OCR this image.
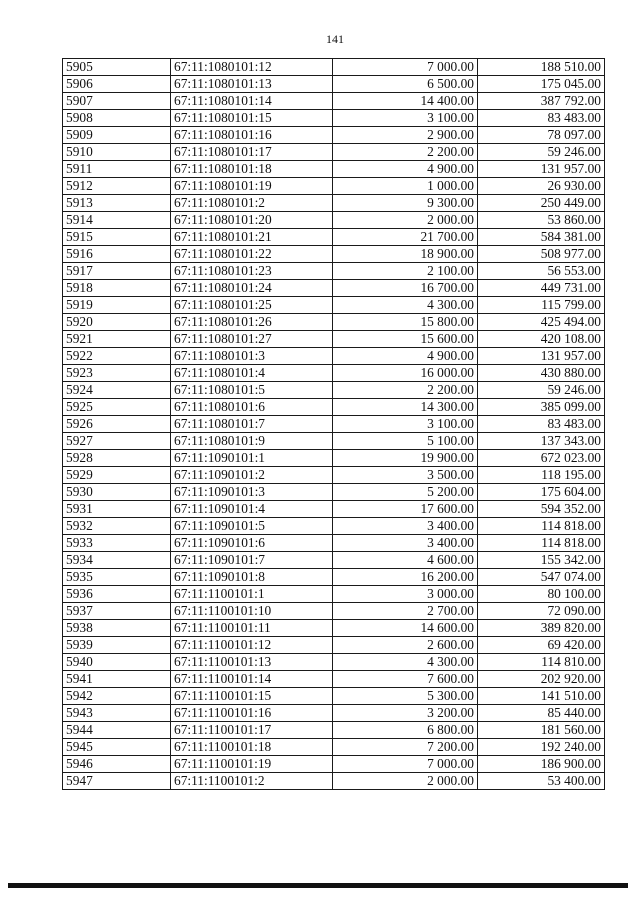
141
5905	67:11:1080101:12	7 000.00	188 510.00
5906	67:11:1080101:13	6 500.00	175 045.00
5907	67:11:1080101:14	14 400.00	387 792.00
5908	67:11:1080101:15	3 100.00	83 483.00
5909	67:11:1080101:16	2 900.00	78 097.00
5910	67:11:1080101:17	2 200.00	59 246.00
5911	67:11:1080101:18	4 900.00	131 957.00
5912	67:11:1080101:19	1 000.00	26 930.00
5913	67:11:1080101:2	9 300.00	250 449.00
5914	67:11:1080101:20	2 000.00	53 860.00
5915	67:11:1080101:21	21 700.00	584 381.00
5916	67:11:1080101:22	18 900.00	508 977.00
5917	67:11:1080101:23	2 100.00	56 553.00
5918	67:11:1080101:24	16 700.00	449 731.00
5919	67:11:1080101:25	4 300.00	115 799.00
5920	67:11:1080101:26	15 800.00	425 494.00
5921	67:11:1080101:27	15 600.00	420 108.00
5922	67:11:1080101:3	4 900.00	131 957.00
5923	67:11:1080101:4	16 000.00	430 880.00
5924	67:11:1080101:5	2 200.00	59 246.00
5925	67:11:1080101:6	14 300.00	385 099.00
5926	67:11:1080101:7	3 100.00	83 483.00
5927	67:11:1080101:9	5 100.00	137 343.00
5928	67:11:1090101:1	19 900.00	672 023.00
5929	67:11:1090101:2	3 500.00	118 195.00
5930	67:11:1090101:3	5 200.00	175 604.00
5931	67:11:1090101:4	17 600.00	594 352.00
5932	67:11:1090101:5	3 400.00	114 818.00
5933	67:11:1090101:6	3 400.00	114 818.00
5934	67:11:1090101:7	4 600.00	155 342.00
5935	67:11:1090101:8	16 200.00	547 074.00
5936	67:11:1100101:1	3 000.00	80 100.00
5937	67:11:1100101:10	2 700.00	72 090.00
5938	67:11:1100101:11	14 600.00	389 820.00
5939	67:11:1100101:12	2 600.00	69 420.00
5940	67:11:1100101:13	4 300.00	114 810.00
5941	67:11:1100101:14	7 600.00	202 920.00
5942	67:11:1100101:15	5 300.00	141 510.00
5943	67:11:1100101:16	3 200.00	85 440.00
5944	67:11:1100101:17	6 800.00	181 560.00
5945	67:11:1100101:18	7 200.00	192 240.00
5946	67:11:1100101:19	7 000.00	186 900.00
5947	67:11:1100101:2	2 000.00	53 400.00
